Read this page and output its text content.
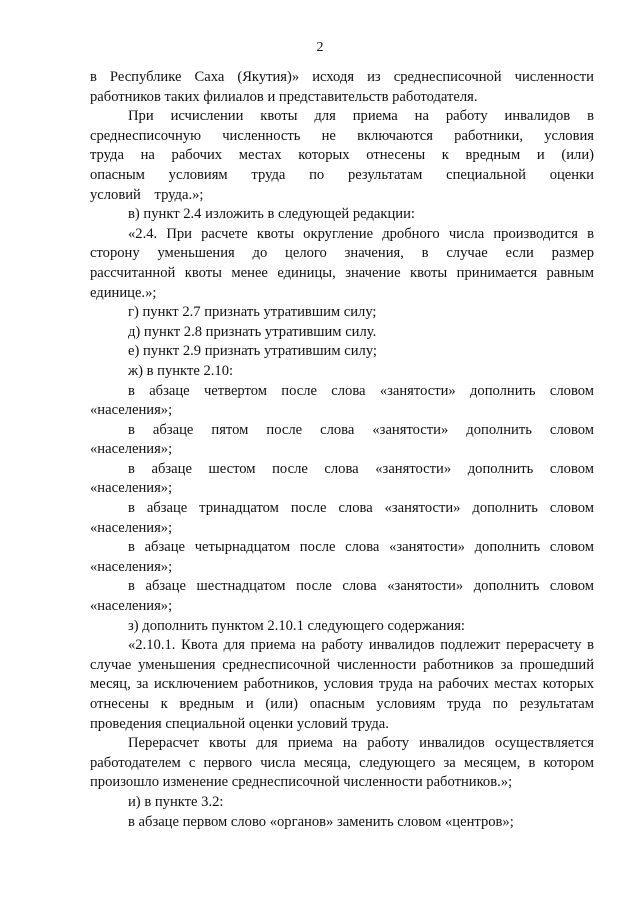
2

в Республике Саха (Якутия)» исходя из среднесписочной численности работников таких филиалов и представительств работодателя.

При исчислении квоты для приема на работу инвалидов в среднесписочную численность не включаются работники, условия труда на рабочих местах которых отнесены к вредным и (или) опасным условиям труда по результатам специальной оценки условий труда.»;

в) пункт 2.4 изложить в следующей редакции:

«2.4. При расчете квоты округление дробного числа производится в сторону уменьшения до целого значения, в случае если размер рассчитанной квоты менее единицы, значение квоты принимается равным единице.»;

г) пункт 2.7 признать утратившим силу;

д) пункт 2.8 признать утратившим силу.

е) пункт 2.9 признать утратившим силу;

ж) в пункте 2.10:

в абзаце четвертом после слова «занятости» дополнить словом «населения»;

в абзаце пятом после слова «занятости» дополнить словом «населения»;

в абзаце шестом после слова «занятости» дополнить словом «населения»;

в абзаце тринадцатом после слова «занятости» дополнить словом «населения»;

в абзаце четырнадцатом после слова «занятости» дополнить словом «населения»;

в абзаце шестнадцатом после слова «занятости» дополнить словом «населения»;

з) дополнить пунктом 2.10.1 следующего содержания:

«2.10.1. Квота для приема на работу инвалидов подлежит перерасчету в случае уменьшения среднесписочной численности работников за прошедший месяц, за исключением работников, условия труда на рабочих местах которых отнесены к вредным и (или) опасным условиям труда по результатам проведения специальной оценки условий труда.

Перерасчет квоты для приема на работу инвалидов осуществляется работодателем с первого числа месяца, следующего за месяцем, в котором произошло изменение среднесписочной численности работников.»;

и) в пункте 3.2:

в абзаце первом слово «органов» заменить словом «центров»;
